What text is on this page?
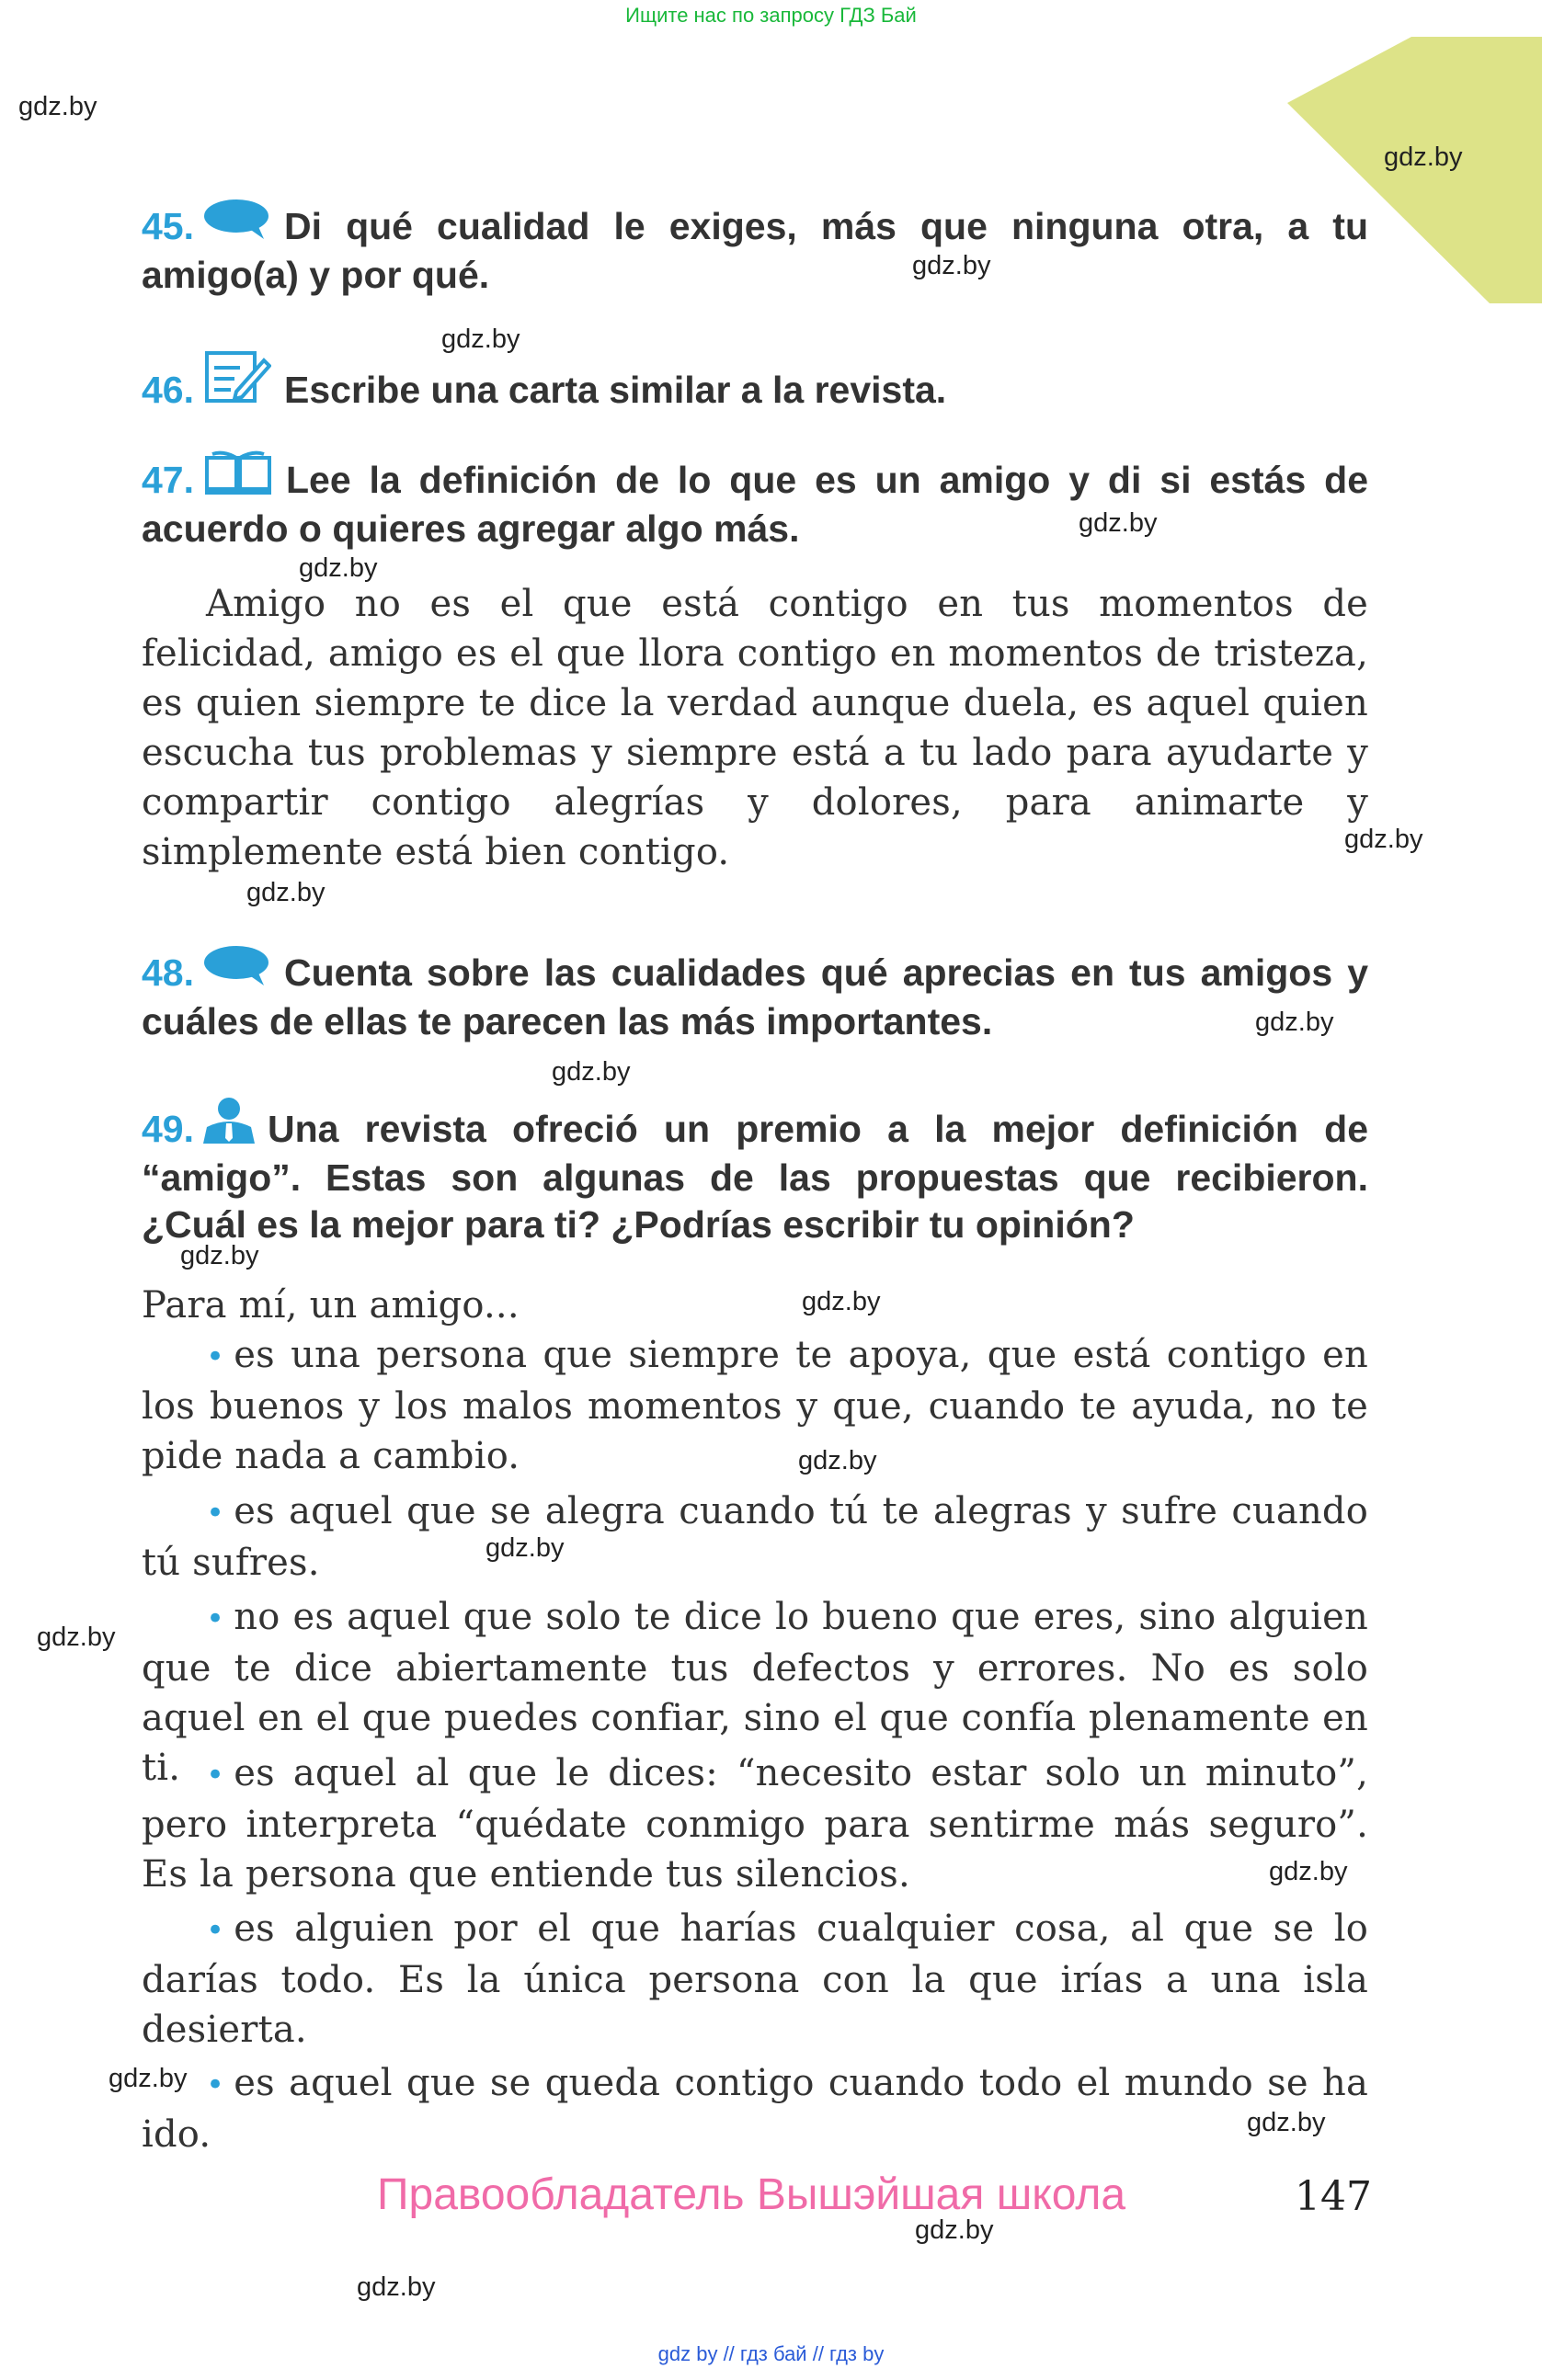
Ищите нас по запросу ГДЗ Бай
gdz.by
gdz.by
gdz.by
gdz.by
gdz.by
gdz.by
gdz.by
gdz.by
gdz.by
gdz.by
gdz.by
gdz.by
gdz.by
gdz.by
gdz.by
gdz.by
gdz.by
gdz.by
gdz.by
gdz.by
45. Di qué cualidad le exiges, más que ninguna otra, a tu amigo(a) y por qué.
46. Escribe una carta similar a la revista.
47. Lee la definición de lo que es un amigo y di si estás de acuerdo o quieres agregar algo más.
Amigo no es el que está contigo en tus momentos de felicidad, amigo es el que llora contigo en momentos de tristeza, es quien siempre te dice la verdad aunque duela, es aquel quien escucha tus problemas y siempre está a tu lado para ayudarte y compartir contigo alegrías y dolores, para animarte y simplemente está bien contigo.
48. Cuenta sobre las cualidades qué aprecias en tus amigos y cuáles de ellas te parecen las más importantes.
49. Una revista ofreció un premio a la mejor definición de “amigo”. Estas son algunas de las propuestas que recibieron. ¿Cuál es la mejor para ti? ¿Podrías escribir tu opinión?
Para mí, un amigo...
• es una persona que siempre te apoya, que está contigo en los buenos y los malos momentos y que, cuando te ayuda, no te pide nada a cambio.
• es aquel que se alegra cuando tú te alegras y sufre cuando tú sufres.
• no es aquel que solo te dice lo bueno que eres, sino alguien que te dice abiertamente tus defectos y errores. No es solo aquel en el que puedes confiar, sino el que confía plenamente en ti. • es aquel al que le dices: “necesito estar solo un minuto”, pero interpreta “quédate conmigo para sentirme más seguro”. Es la persona que entiende tus silencios.
• es alguien por el que harías cualquier cosa, al que se lo darías todo. Es la única persona con la que irías a una isla desierta.
• es aquel que se queda contigo cuando todo el mundo se ha ido.
Правообладатель Вышэйшая школа	147
gdz by // гдз бай // гдз by
